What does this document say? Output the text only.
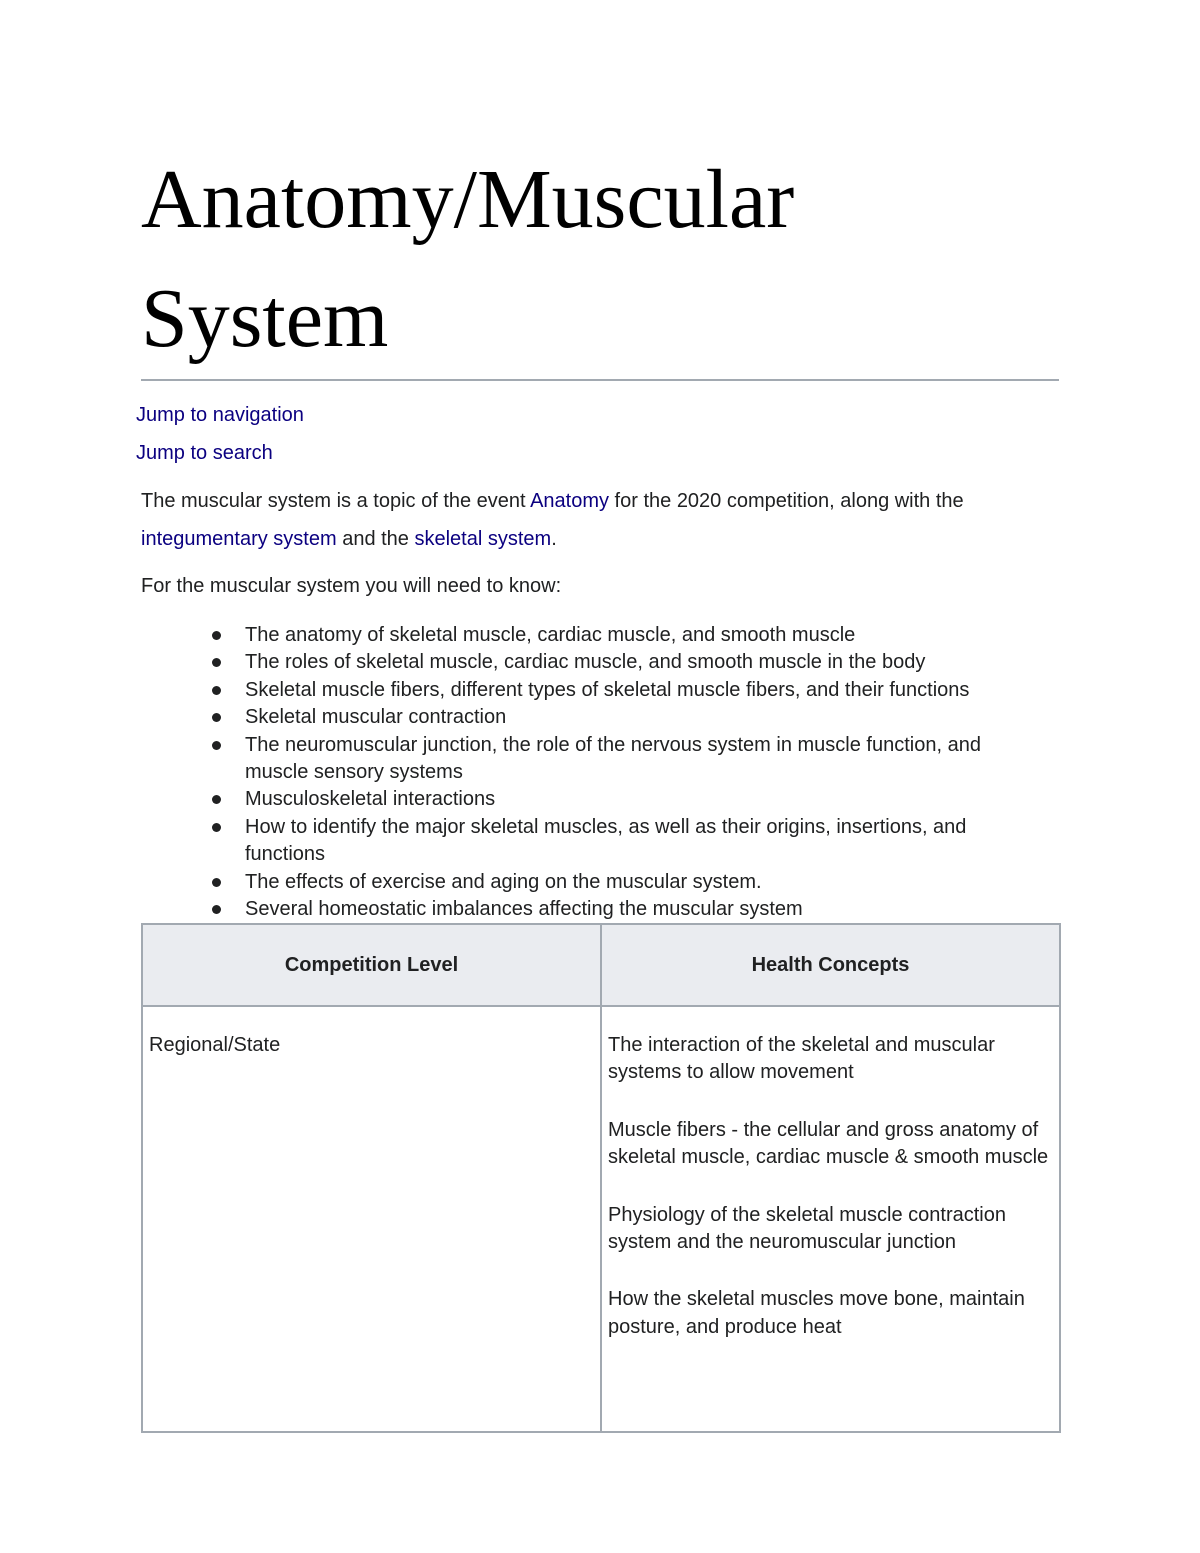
Anatomy/Muscular System
Jump to navigation
Jump to search

The muscular system is a topic of the event Anatomy for the 2020 competition, along with the integumentary system and the skeletal system.

For the muscular system you will need to know:

The anatomy of skeletal muscle, cardiac muscle, and smooth muscle
The roles of skeletal muscle, cardiac muscle, and smooth muscle in the body
Skeletal muscle fibers, different types of skeletal muscle fibers, and their functions
Skeletal muscular contraction
The neuromuscular junction, the role of the nervous system in muscle function, and muscle sensory systems
Musculoskeletal interactions
How to identify the major skeletal muscles, as well as their origins, insertions, and functions
The effects of exercise and aging on the muscular system.
Several homeostatic imbalances affecting the muscular system
Competition Level	Health Concepts
Regional/State	The interaction of the skeletal and muscular systems to allow movement

Muscle fibers - the cellular and gross anatomy of skeletal muscle, cardiac muscle & smooth muscle

Physiology of the skeletal muscle contraction system and the neuromuscular junction

How the skeletal muscles move bone, maintain posture, and produce heat
